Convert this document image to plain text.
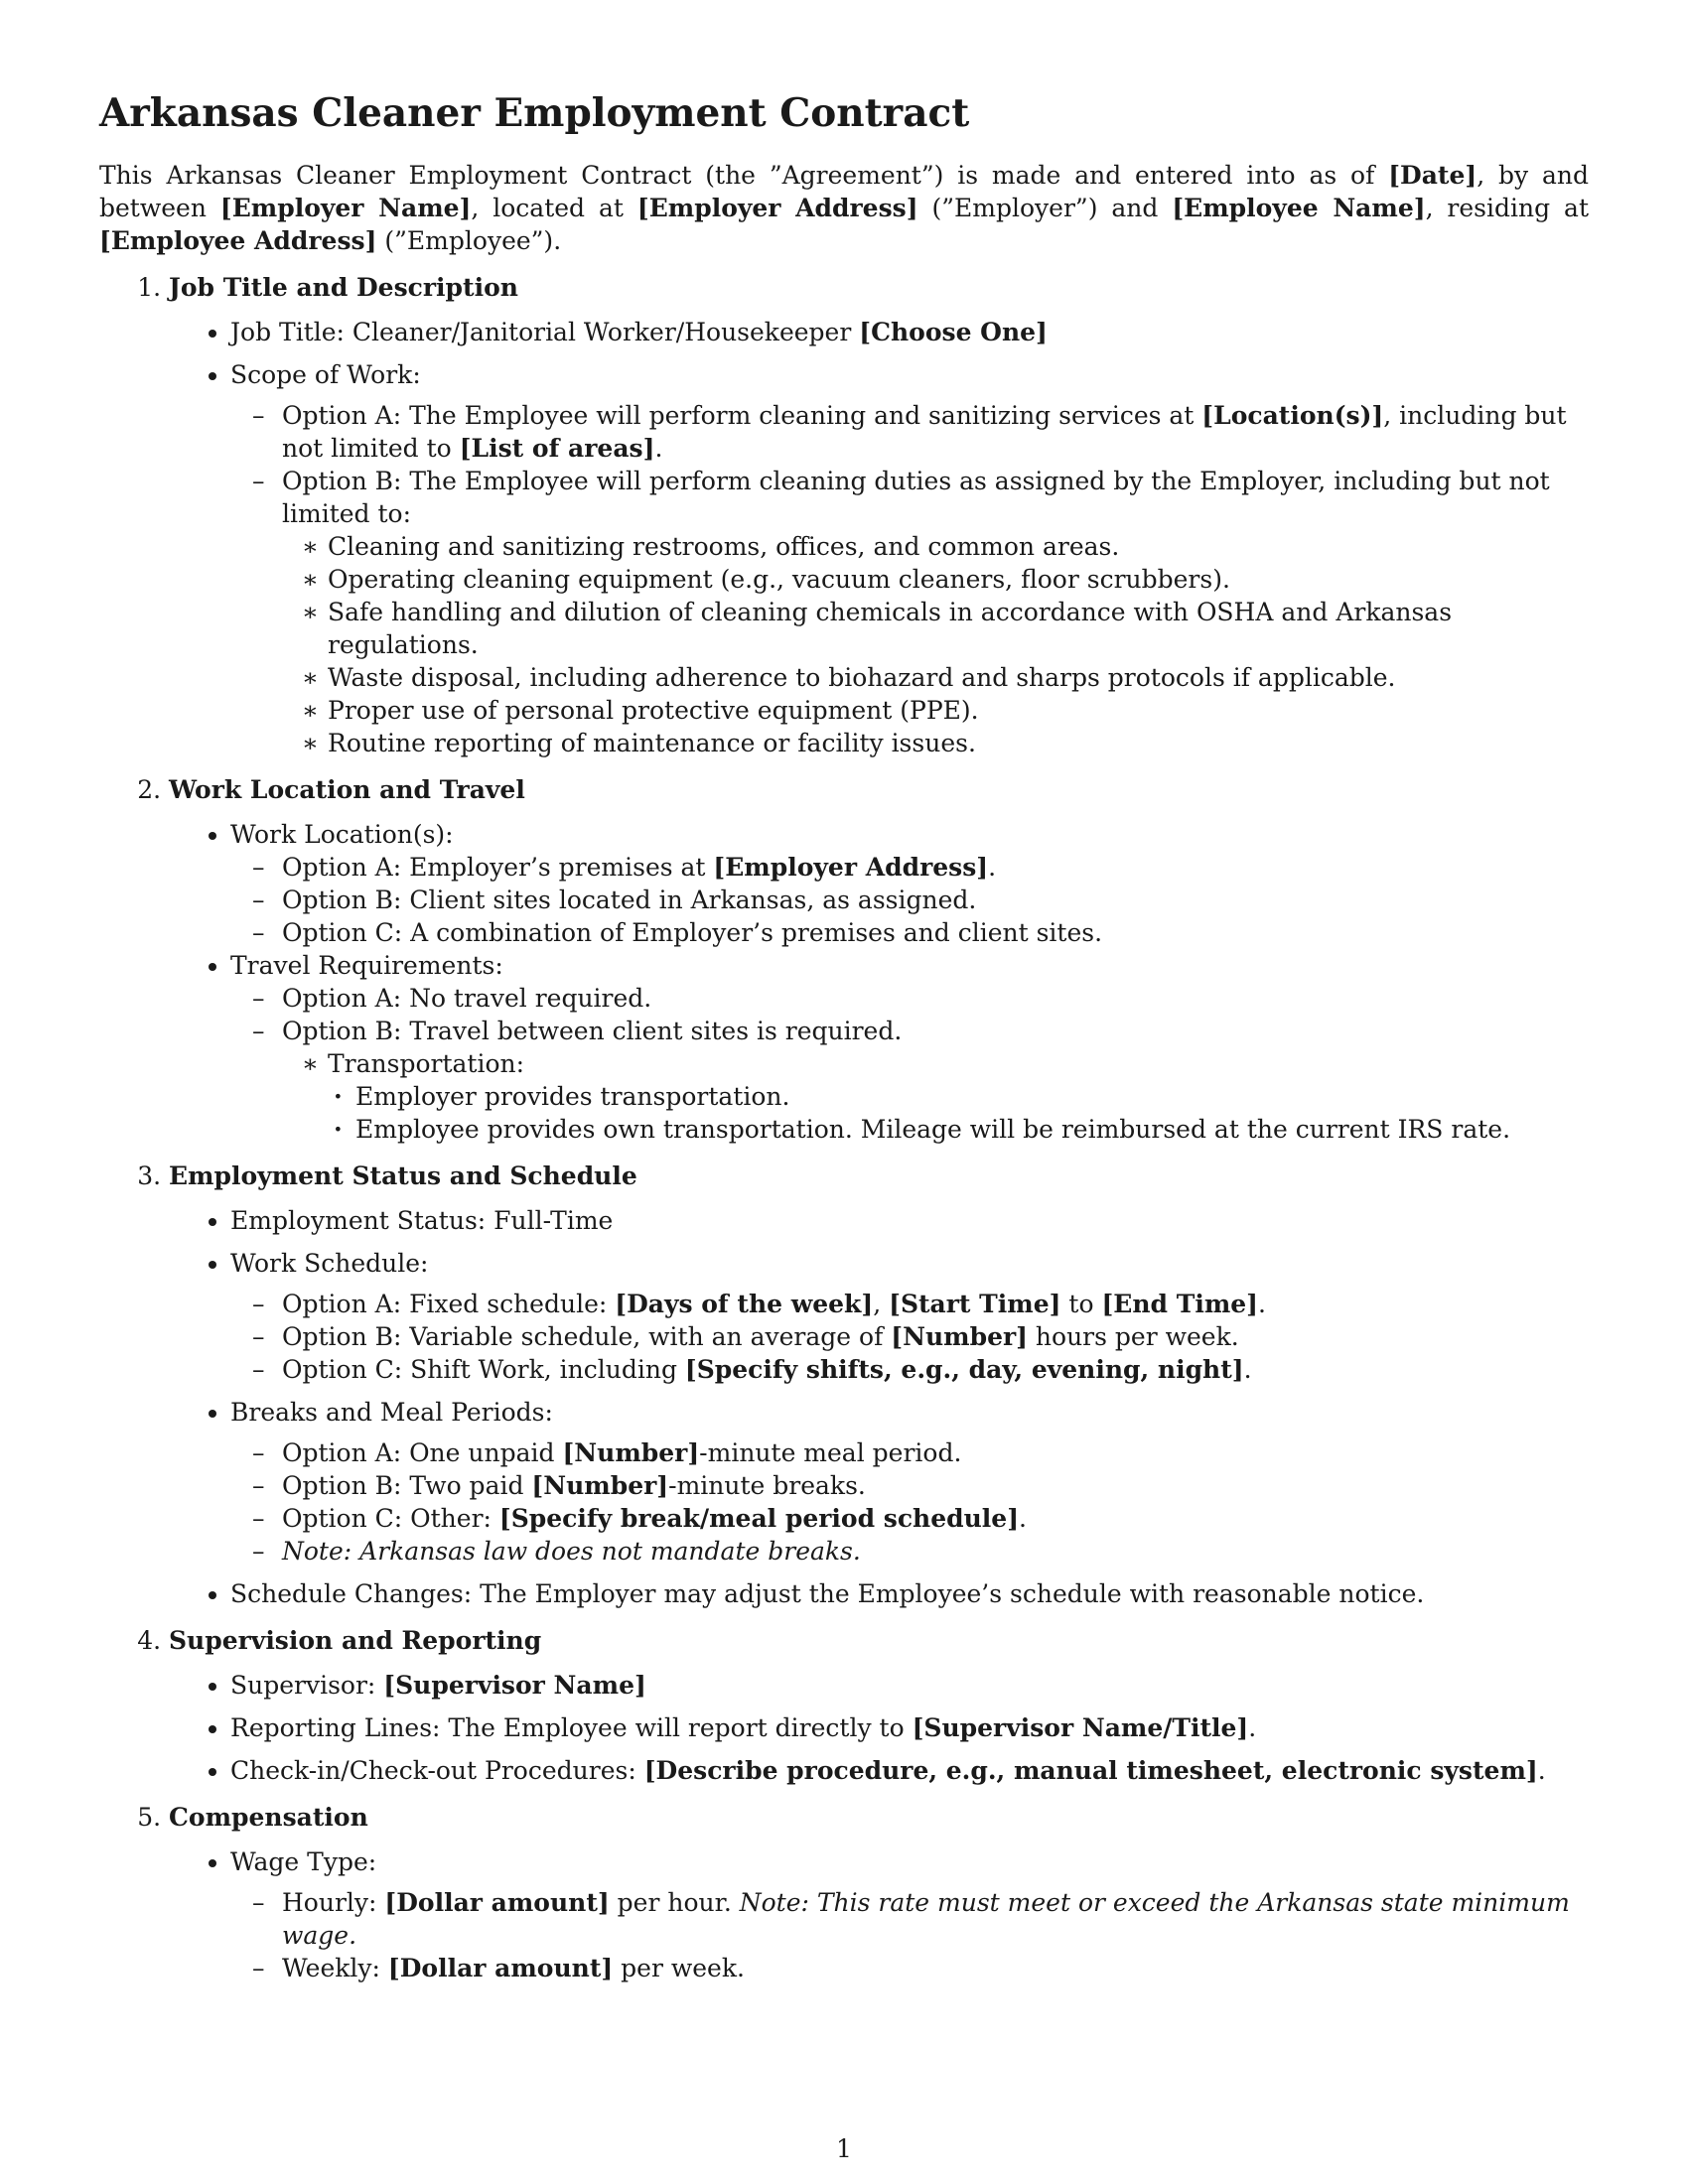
Arkansas Cleaner Employment Contract

This Arkansas Cleaner Employment Contract (the ”Agreement”) is made and entered into as of [Date], by and between [Employer Name], located at [Employer Address] (”Employer”) and [Employee Name], residing at [Employee Address] (”Employee”).

1. Job Title and Description
• Job Title: Cleaner/Janitorial Worker/Housekeeper [Choose One]
• Scope of Work:
– Option A: The Employee will perform cleaning and sanitizing services at [Location(s)], including but not limited to [List of areas].
– Option B: The Employee will perform cleaning duties as assigned by the Employer, including but not limited to:
∗ Cleaning and sanitizing restrooms, offices, and common areas.
∗ Operating cleaning equipment (e.g., vacuum cleaners, floor scrubbers).
∗ Safe handling and dilution of cleaning chemicals in accordance with OSHA and Arkansas regulations.
∗ Waste disposal, including adherence to biohazard and sharps protocols if applicable.
∗ Proper use of personal protective equipment (PPE).
∗ Routine reporting of maintenance or facility issues.
2. Work Location and Travel
• Work Location(s):
– Option A: Employer’s premises at [Employer Address].
– Option B: Client sites located in Arkansas, as assigned.
– Option C: A combination of Employer’s premises and client sites.
• Travel Requirements:
– Option A: No travel required.
– Option B: Travel between client sites is required.
∗ Transportation:
· Employer provides transportation.
· Employee provides own transportation. Mileage will be reimbursed at the current IRS rate.
3. Employment Status and Schedule
• Employment Status: Full-Time
• Work Schedule:
– Option A: Fixed schedule: [Days of the week], [Start Time] to [End Time].
– Option B: Variable schedule, with an average of [Number] hours per week.
– Option C: Shift Work, including [Specify shifts, e.g., day, evening, night].
• Breaks and Meal Periods:
– Option A: One unpaid [Number]-minute meal period.
– Option B: Two paid [Number]-minute breaks.
– Option C: Other: [Specify break/meal period schedule].
– Note: Arkansas law does not mandate breaks.
• Schedule Changes: The Employer may adjust the Employee’s schedule with reasonable notice.
4. Supervision and Reporting
• Supervisor: [Supervisor Name]
• Reporting Lines: The Employee will report directly to [Supervisor Name/Title].
• Check-in/Check-out Procedures: [Describe procedure, e.g., manual timesheet, electronic system].
5. Compensation
• Wage Type:
– Hourly: [Dollar amount] per hour. Note: This rate must meet or exceed the Arkansas state minimum wage.
– Weekly: [Dollar amount] per week.
1
